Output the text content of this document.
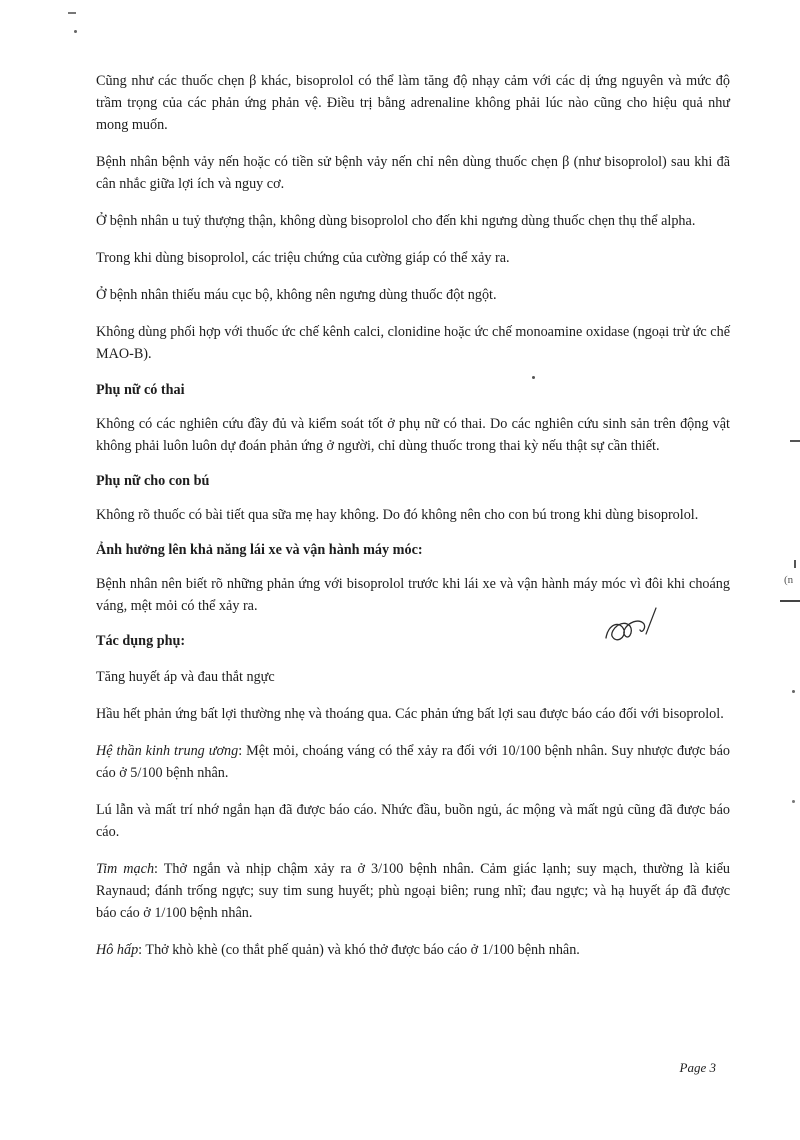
Cũng như các thuốc chẹn β khác, bisoprolol có thể làm tăng độ nhạy cảm với các dị ứng nguyên và mức độ trầm trọng của các phản ứng phản vệ. Điều trị bằng adrenaline không phải lúc nào cũng cho hiệu quả như mong muốn.

Bệnh nhân bệnh vảy nến hoặc có tiền sử bệnh vảy nến chỉ nên dùng thuốc chẹn β (như bisoprolol) sau khi đã cân nhắc giữa lợi ích và nguy cơ.

Ở bệnh nhân u tuỷ thượng thận, không dùng bisoprolol cho đến khi ngưng dùng thuốc chẹn thụ thể alpha.

Trong khi dùng bisoprolol, các triệu chứng của cường giáp có thể xảy ra.

Ở bệnh nhân thiếu máu cục bộ, không nên ngưng dùng thuốc đột ngột.

Không dùng phối hợp với thuốc ức chế kênh calci, clonidine hoặc ức chế monoamine oxidase (ngoại trừ ức chế MAO-B).

Phụ nữ có thai

Không có các nghiên cứu đầy đủ và kiểm soát tốt ở phụ nữ có thai. Do các nghiên cứu sinh sản trên động vật không phải luôn luôn dự đoán phản ứng ở người, chỉ dùng thuốc trong thai kỳ nếu thật sự cần thiết.

Phụ nữ cho con bú

Không rõ thuốc có bài tiết qua sữa mẹ hay không. Do đó không nên cho con bú trong khi dùng bisoprolol.

Ảnh hưởng lên khả năng lái xe và vận hành máy móc:

Bệnh nhân nên biết rõ những phản ứng với bisoprolol trước khi lái xe và vận hành máy móc vì đôi khi choáng váng, mệt mỏi có thể xảy ra.

Tác dụng phụ:

Tăng huyết áp và đau thắt ngực

Hầu hết phản ứng bất lợi thường nhẹ và thoáng qua. Các phản ứng bất lợi sau được báo cáo đối với bisoprolol.

Hệ thần kinh trung ương: Mệt mỏi, choáng váng có thể xảy ra đối với 10/100 bệnh nhân. Suy nhược được báo cáo ở 5/100 bệnh nhân.

Lú lẫn và mất trí nhớ ngắn hạn đã được báo cáo. Nhức đầu, buồn ngủ, ác mộng và mất ngủ cũng đã được báo cáo.

Tim mạch: Thở ngắn và nhịp chậm xảy ra ở 3/100 bệnh nhân. Cảm giác lạnh; suy mạch, thường là kiểu Raynaud; đánh trống ngực; suy tim sung huyết; phù ngoại biên; rung nhĩ; đau ngực; và hạ huyết áp đã được báo cáo ở 1/100 bệnh nhân.

Hô hấp: Thở khò khè (co thắt phế quản) và khó thở được báo cáo ở 1/100 bệnh nhân.

(n
Page 3
